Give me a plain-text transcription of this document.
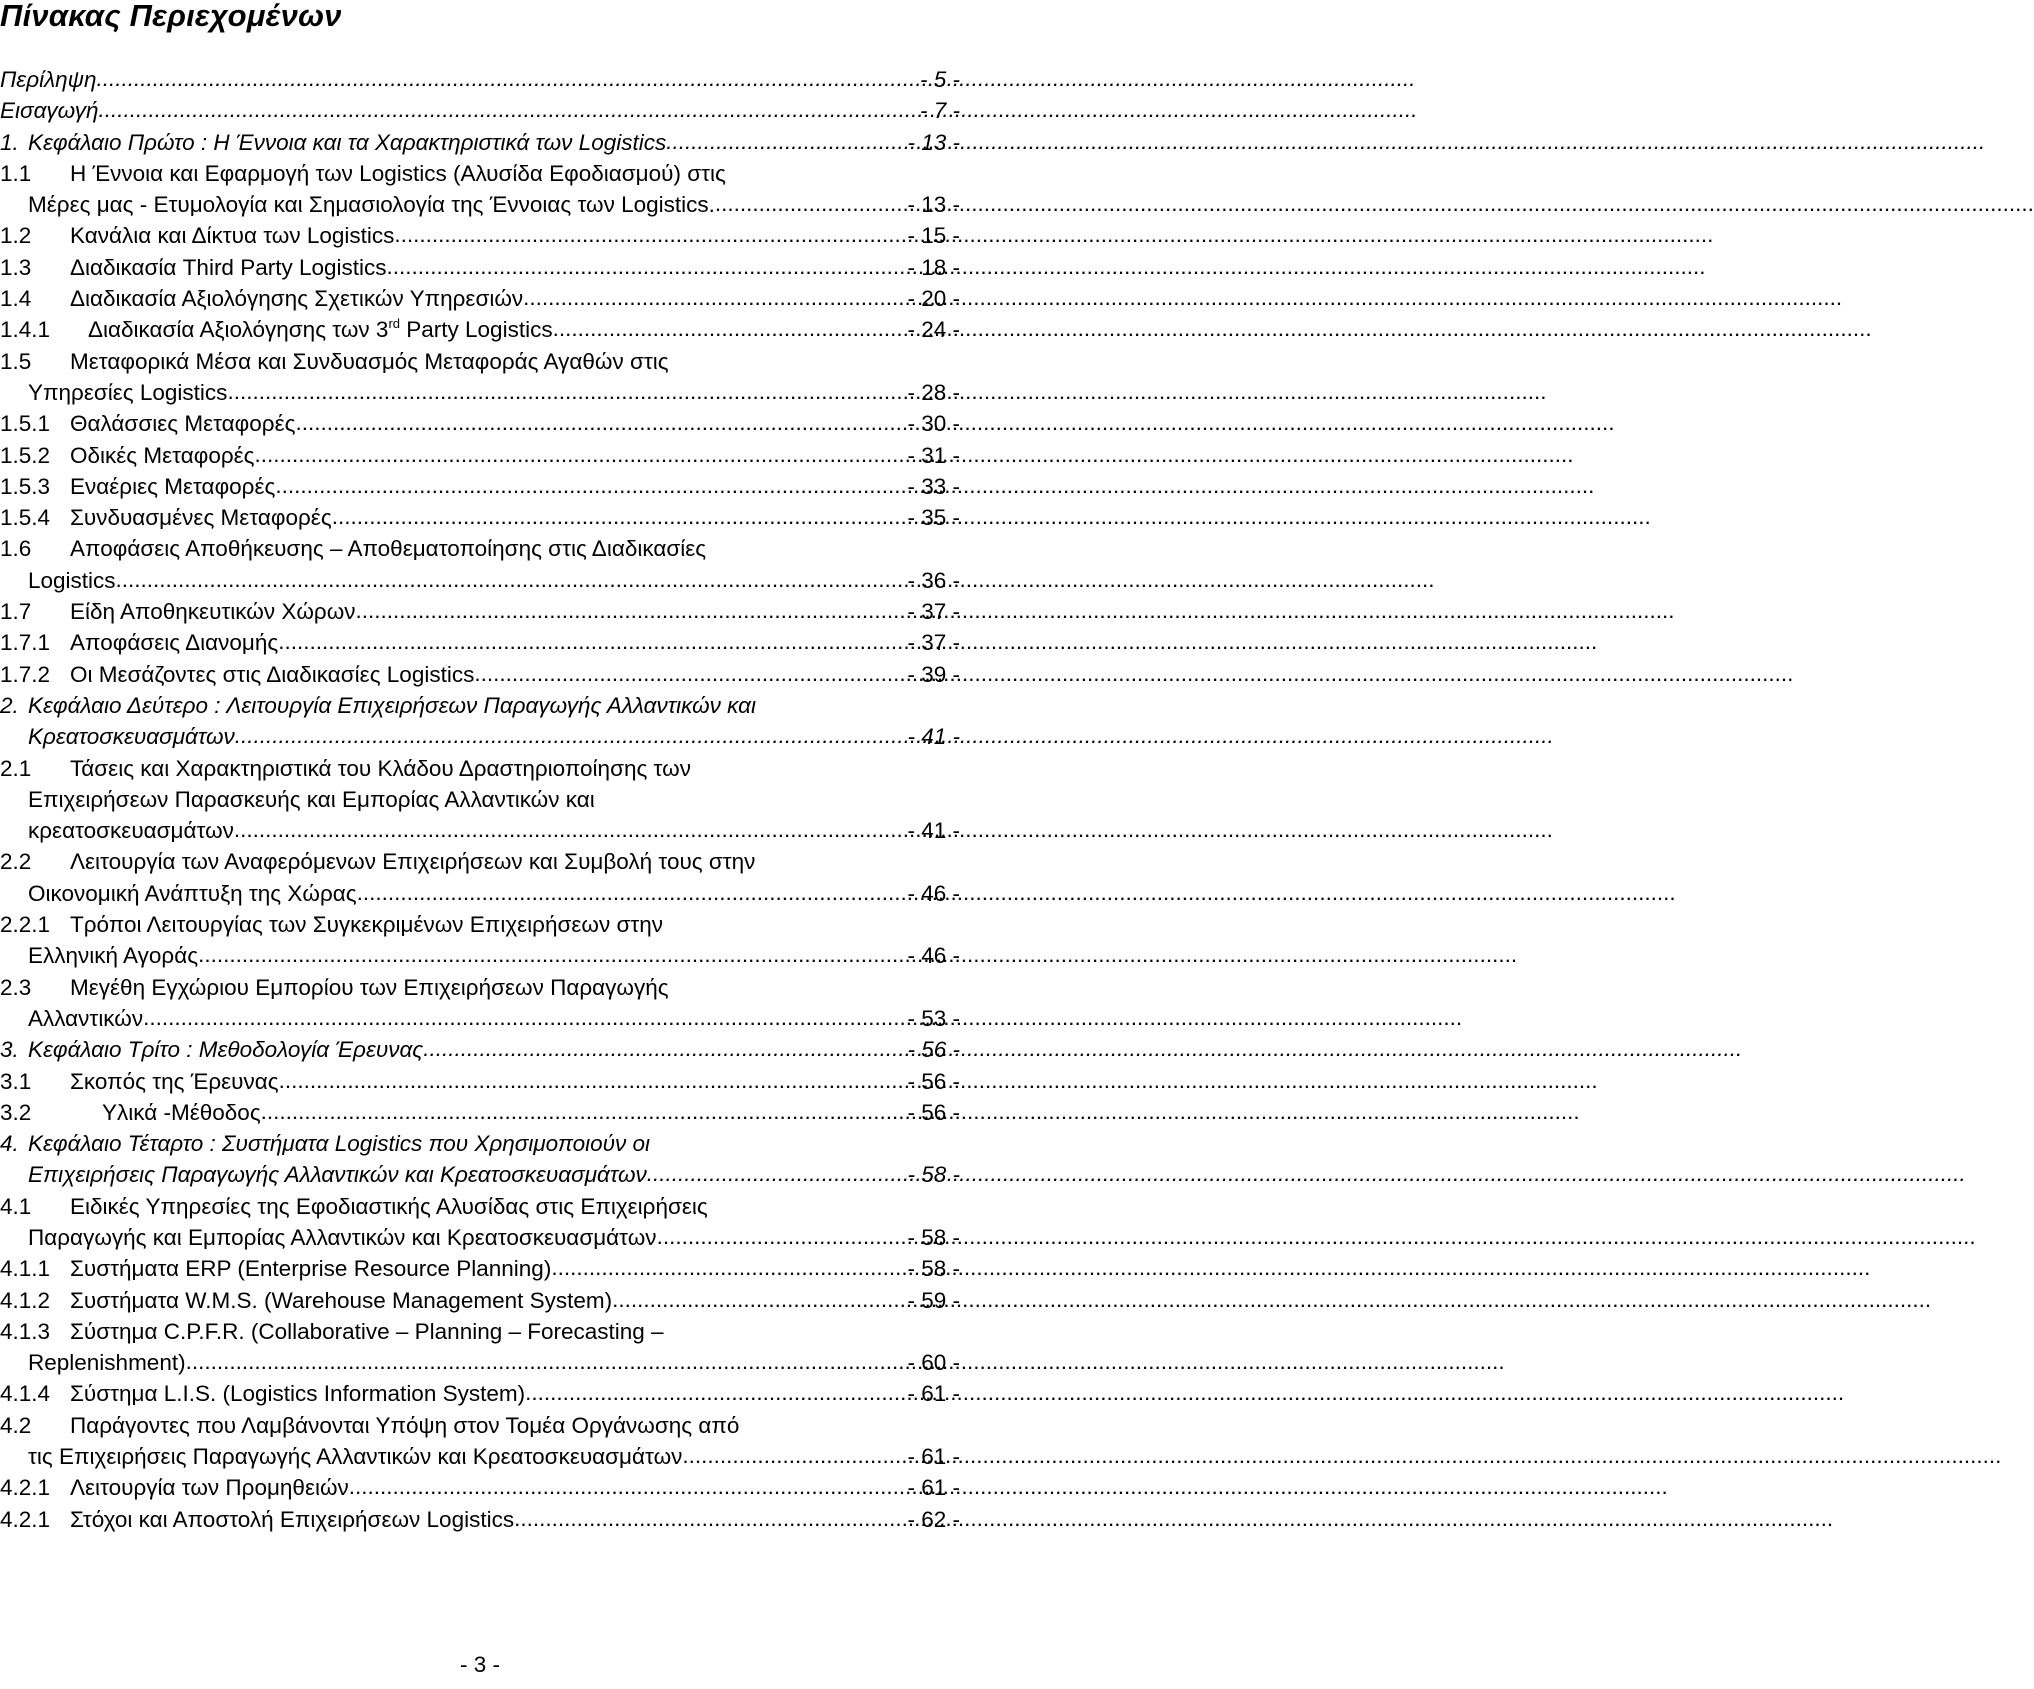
Πίνακας Περιεχομένων
Περίληψη .....	- 5 -
Εισαγωγή .....	- 7 -
1. Κεφάλαιο Πρώτο : Η Έννοια και τα Χαρακτηριστικά των Logistics .....	- 13 -
1.1	Η Έννοια και Εφαρμογή των Logistics (Αλυσίδα Εφοδιασμού) στις
Μέρες μας - Ετυμολογία και Σημασιολογία της Έννοιας των Logistics. .....	- 13 -
1.2	Κανάλια και Δίκτυα των Logistics .....	- 15 -
1.3	Διαδικασία Third Party Logistics .....	- 18 -
1.4	Διαδικασία Αξιολόγησης Σχετικών Υπηρεσιών .....	- 20 -
1.4.1	Διαδικασία Αξιολόγησης των 3rd Party Logistics .....	- 24 -
1.5	Μεταφορικά Μέσα και Συνδυασμός Μεταφοράς Αγαθών στις
Υπηρεσίες Logistics .....	- 28 -
1.5.1 Θαλάσσιες Μεταφορές .....	- 30 -
1.5.2 Οδικές Μεταφορές .....	- 31 -
1.5.3 Εναέριες Μεταφορές .....	- 33 -
1.5.4 Συνδυασμένες Μεταφορές .....	- 35 -
1.6	Αποφάσεις Αποθήκευσης – Αποθεματοποίησης στις Διαδικασίες
Logistics .....	- 36 -
1.7	Είδη Αποθηκευτικών Χώρων .....	- 37 -
1.7.1 Αποφάσεις Διανομής .....	- 37 -
1.7.2 Οι Μεσάζοντες στις Διαδικασίες Logistics .....	- 39 -
2. Κεφάλαιο Δεύτερο : Λειτουργία Επιχειρήσεων Παραγωγής Αλλαντικών και
Κρεατοσκευασμάτων .....	- 41 -
2.1	Τάσεις και Χαρακτηριστικά του Κλάδου Δραστηριοποίησης των
Επιχειρήσεων Παρασκευής και Εμπορίας Αλλαντικών και
κρεατοσκευασμάτων .....	- 41 -
2.2	Λειτουργία των Αναφερόμενων Επιχειρήσεων και Συμβολή τους στην
Οικονομική Ανάπτυξη της Χώρας .....	- 46 -
2.2.1 Τρόποι Λειτουργίας των Συγκεκριμένων Επιχειρήσεων στην
Ελληνική Αγοράς .....	- 46 -
2.3	Μεγέθη Εγχώριου Εμπορίου των Επιχειρήσεων Παραγωγής
Αλλαντικών .....	- 53 -
3. Κεφάλαιο Τρίτο : Μεθοδολογία Έρευνας .....	- 56 -
3.1	Σκοπός της Έρευνας .....	- 56 -
3.2	Υλικά -Μέθοδος .....	- 56 -
4. Κεφάλαιο Τέταρτο : Συστήματα Logistics που Χρησιμοποιούν οι
Επιχειρήσεις Παραγωγής Αλλαντικών και Κρεατοσκευασμάτων .....	- 58 -
4.1	Ειδικές Υπηρεσίες της Εφοδιαστικής Αλυσίδας στις Επιχειρήσεις
Παραγωγής και Εμπορίας Αλλαντικών και Κρεατοσκευασμάτων .....	- 58 -
4.1.1 Συστήματα ERP (Enterprise Resource Planning) .....	- 58 -
4.1.2 Συστήματα W.M.S. (Warehouse Management System) .....	- 59 -
4.1.3 Σύστημα C.P.F.R. (Collaborative – Planning – Forecasting –
Replenishment) .....	- 60 -
4.1.4 Σύστημα L.I.S. (Logistics Information System) .....	- 61 -
4.2	Παράγοντες που Λαμβάνονται Υπόψη στον Τομέα Οργάνωσης από
τις Επιχειρήσεις Παραγωγής Αλλαντικών και Κρεατοσκευασμάτων .....	- 61 -
4.2.1 Λειτουργία των Προμηθειών .....	- 61 -
4.2.1 Στόχοι και Αποστολή Επιχειρήσεων Logistics .....	- 62 -
- 3 -
